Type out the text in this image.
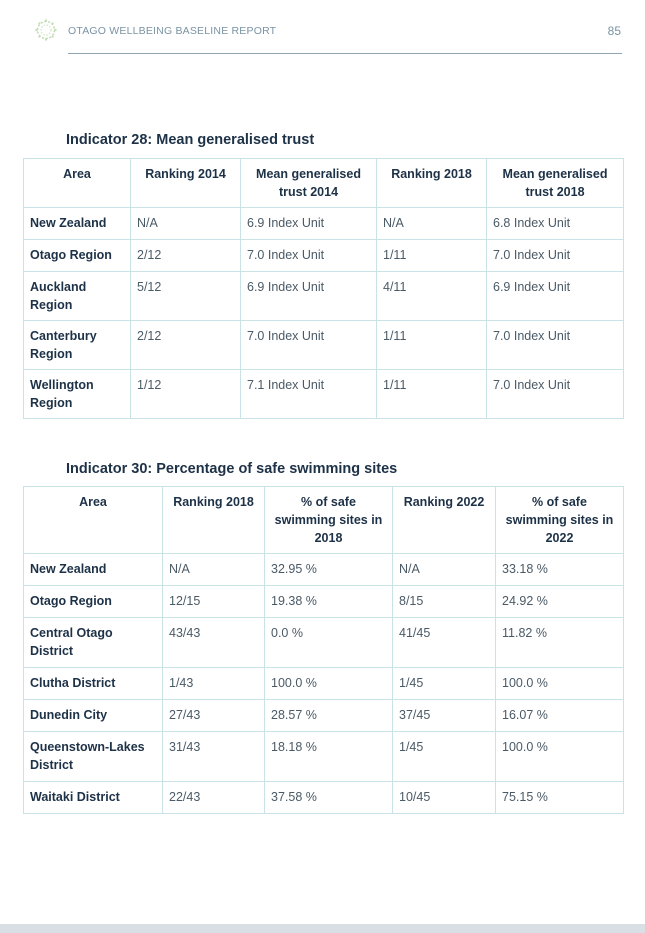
OTAGO WELLBEING BASELINE REPORT	85
Indicator 28: Mean generalised trust
Area	Ranking 2014	Mean generalised trust 2014	Ranking 2018	Mean generalised trust 2018
New Zealand	N/A	6.9 Index Unit	N/A	6.8 Index Unit
Otago Region	2/12	7.0 Index Unit	1/11	7.0 Index Unit
Auckland Region	5/12	6.9 Index Unit	4/11	6.9 Index Unit
Canterbury Region	2/12	7.0 Index Unit	1/11	7.0 Index Unit
Wellington Region	1/12	7.1 Index Unit	1/11	7.0 Index Unit
Indicator 30: Percentage of safe swimming sites
Area	Ranking 2018	% of safe swimming sites in 2018	Ranking 2022	% of safe swimming sites in 2022
New Zealand	N/A	32.95 %	N/A	33.18 %
Otago Region	12/15	19.38 %	8/15	24.92 %
Central Otago District	43/43	0.0 %	41/45	11.82 %
Clutha District	1/43	100.0 %	1/45	100.0 %
Dunedin City	27/43	28.57 %	37/45	16.07 %
Queenstown-Lakes District	31/43	18.18 %	1/45	100.0 %
Waitaki District	22/43	37.58 %	10/45	75.15 %
